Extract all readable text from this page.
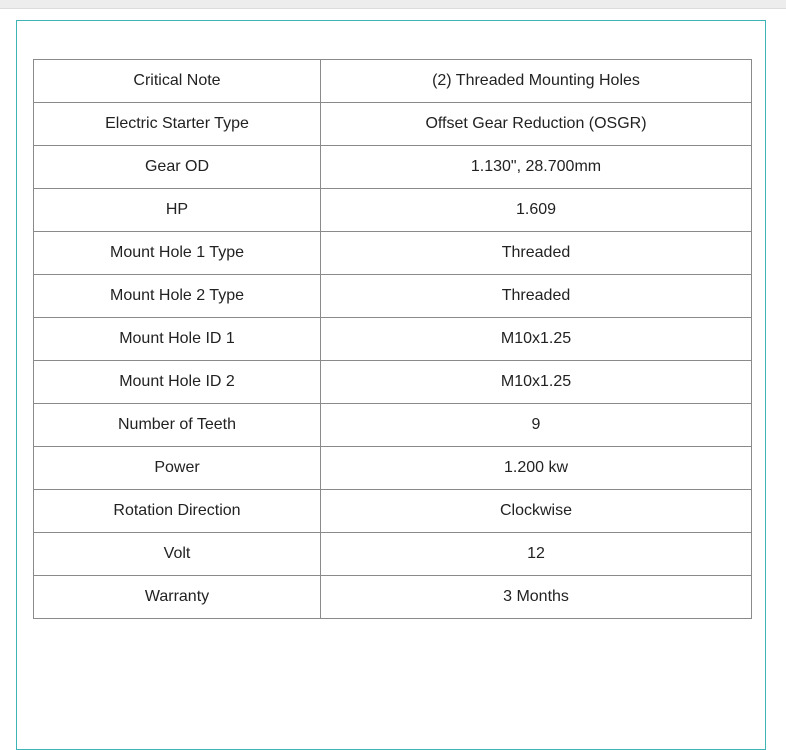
Critical Note	(2) Threaded Mounting Holes
Electric Starter Type	Offset Gear Reduction (OSGR)
Gear OD	1.130", 28.700mm
HP	1.609
Mount Hole 1 Type	Threaded
Mount Hole 2 Type	Threaded
Mount Hole ID 1	M10x1.25
Mount Hole ID 2	M10x1.25
Number of Teeth	9
Power	1.200 kw
Rotation Direction	Clockwise
Volt	12
Warranty	3 Months
